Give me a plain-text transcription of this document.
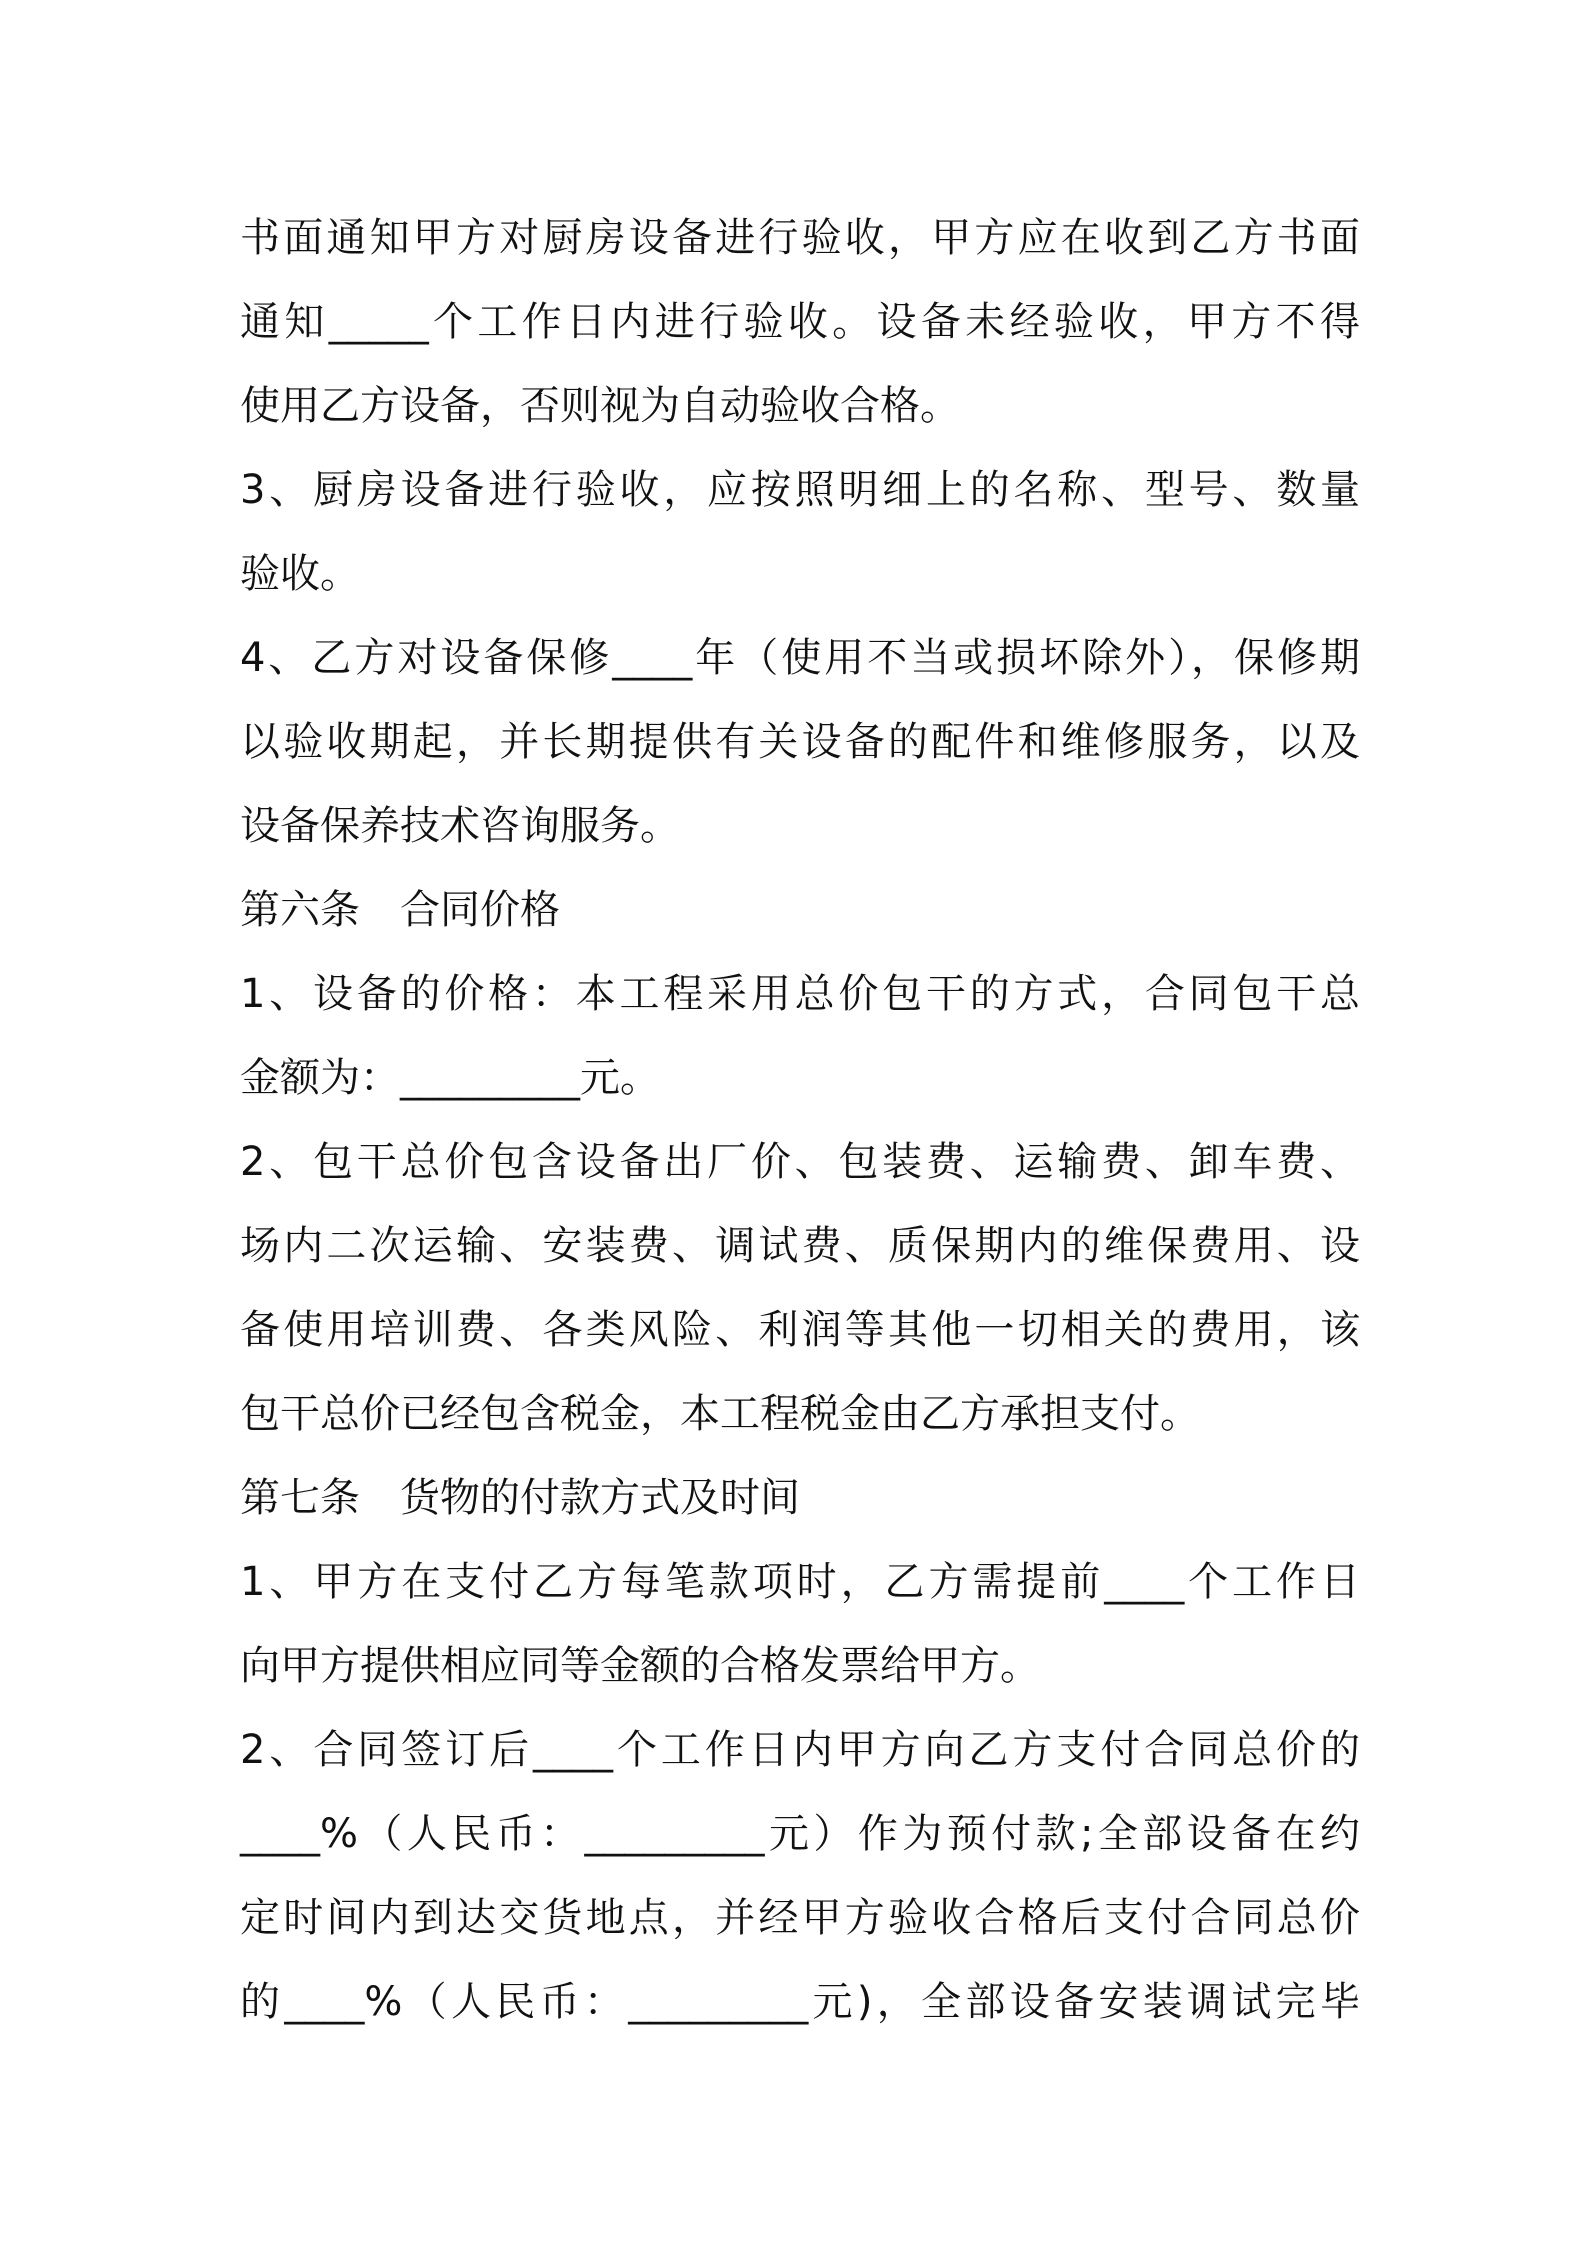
书面通知甲方对厨房设备进行验收，甲方应在收到乙方书面
通知_____个工作日内进行验收。设备未经验收，甲方不得
使用乙方设备，否则视为自动验收合格。
3、厨房设备进行验收，应按照明细上的名称、型号、数量
验收。
4、乙方对设备保修____年（使用不当或损坏除外），保修期
以验收期起，并长期提供有关设备的配件和维修服务，以及
设备保养技术咨询服务。
第六条　合同价格
1、设备的价格：本工程采用总价包干的方式，合同包干总
金额为：_________元。
2、包干总价包含设备出厂价、包装费、运输费、卸车费、
场内二次运输、安装费、调试费、质保期内的维保费用、设
备使用培训费、各类风险、利润等其他一切相关的费用，该
包干总价已经包含税金，本工程税金由乙方承担支付。
第七条　货物的付款方式及时间
1、甲方在支付乙方每笔款项时，乙方需提前____个工作日
向甲方提供相应同等金额的合格发票给甲方。
2、合同签订后____个工作日内甲方向乙方支付合同总价的
____%（人民币：_________元）作为预付款;全部设备在约
定时间内到达交货地点，并经甲方验收合格后支付合同总价
的____%（人民币：_________元)，全部设备安装调试完毕
